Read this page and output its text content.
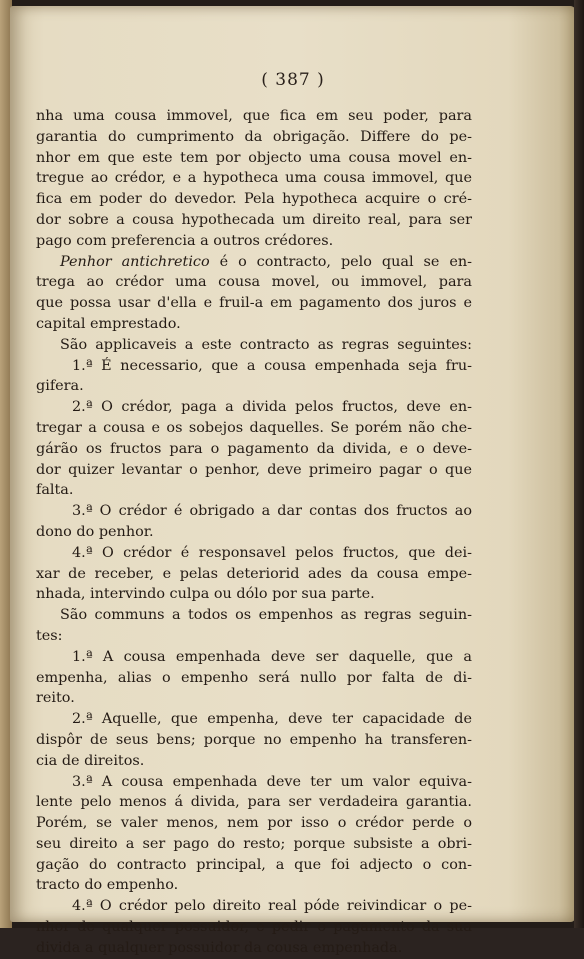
( 387 )
nha uma cousa immovel, que fica em seu poder, para
garantia do cumprimento da obrigação. Differe do pe-
nhor em que este tem por objecto uma cousa movel en-
tregue ao crédor, e a hypotheca uma cousa immovel, que
fica em poder do devedor. Pela hypotheca acquire o cré-
dor sobre a cousa hypothecada um direito real, para ser
pago com preferencia a outros crédores.
Penhor antichretico é o contracto, pelo qual se en-
trega ao crédor uma cousa movel, ou immovel, para
que possa usar d'ella e fruil-a em pagamento dos juros e
capital emprestado.
São applicaveis a este contracto as regras seguintes:
1.ª É necessario, que a cousa empenhada seja fru-
gifera.
2.ª O crédor, paga a divida pelos fructos, deve en-
tregar a cousa e os sobejos daquelles. Se porém não che-
gárão os fructos para o pagamento da divida, e o deve-
dor quizer levantar o penhor, deve primeiro pagar o que
falta.
3.ª O crédor é obrigado a dar contas dos fructos ao
dono do penhor.
4.ª O crédor é responsavel pelos fructos, que dei-
xar de receber, e pelas deteriorid ades da cousa empe-
nhada, intervindo culpa ou dólo por sua parte.
São communs a todos os empenhos as regras seguin-
tes:
1.ª A cousa empenhada deve ser daquelle, que a
empenha, alias o empenho será nullo por falta de di-
reito.
2.ª Aquelle, que empenha, deve ter capacidade de
dispôr de seus bens; porque no empenho ha transferen-
cia de direitos.
3.ª A cousa empenhada deve ter um valor equiva-
lente pelo menos á divida, para ser verdadeira garantia.
Porém, se valer menos, nem por isso o crédor perde o
seu direito a ser pago do resto; porque subsiste a obri-
gação do contracto principal, a que foi adjecto o con-
tracto do empenho.
4.ª O crédor pelo direito real póde reivindicar o pe-
nhor de qualquer possuidor, e pedir o pagamento da sua
divida a qualquer possuidor da cousa empenhada.
